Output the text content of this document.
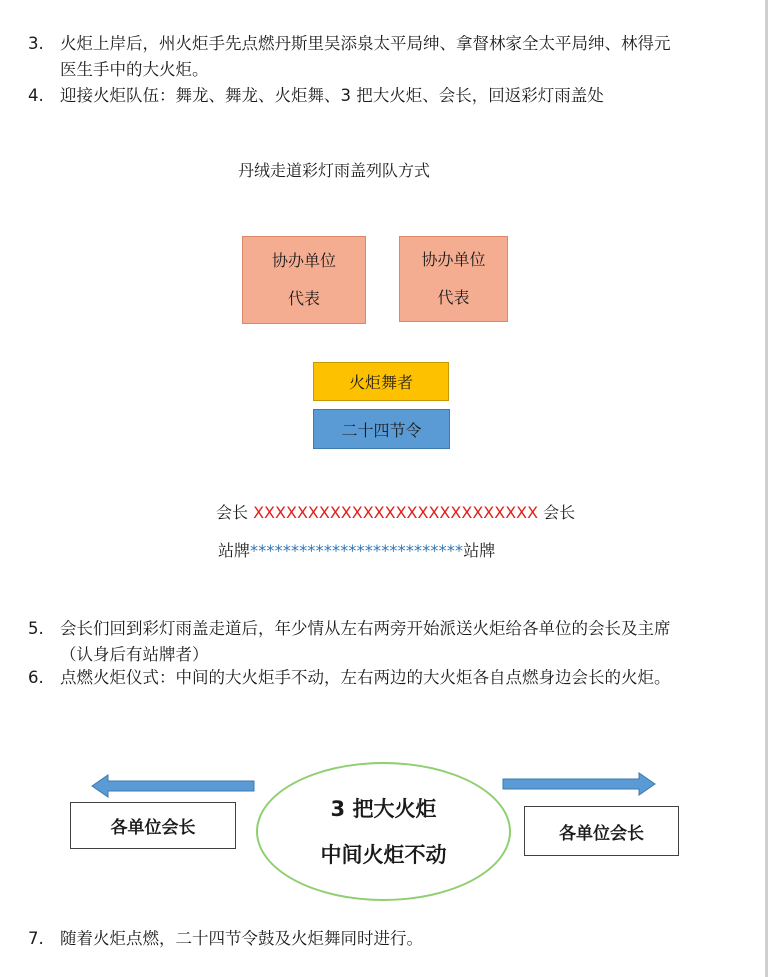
3. 火炬上岸后，州火炬手先点燃丹斯里吴添泉太平局绅、拿督林家全太平局绅、林得元
医生手中的大火炬。
4. 迎接火炬队伍：舞龙、舞龙、火炬舞、3 把大火炬、会长，回返彩灯雨盖处
丹绒走道彩灯雨盖列队方式
协办单位
代表
协办单位
代表
火炬舞者
二十四节令
会长 XXXXXXXXXXXXXXXXXXXXXXXXXX 会长
站牌**************************站牌
5. 会长们回到彩灯雨盖走道后，年少情从左右两旁开始派送火炬给各单位的会长及主席
（认身后有站牌者）
6. 点燃火炬仪式：中间的大火炬手不动，左右两边的大火炬各自点燃身边会长的火炬。
各单位会长	各单位会长
3 把大火炬
中间火炬不动
7. 随着火炬点燃，二十四节令鼓及火炬舞同时进行。
